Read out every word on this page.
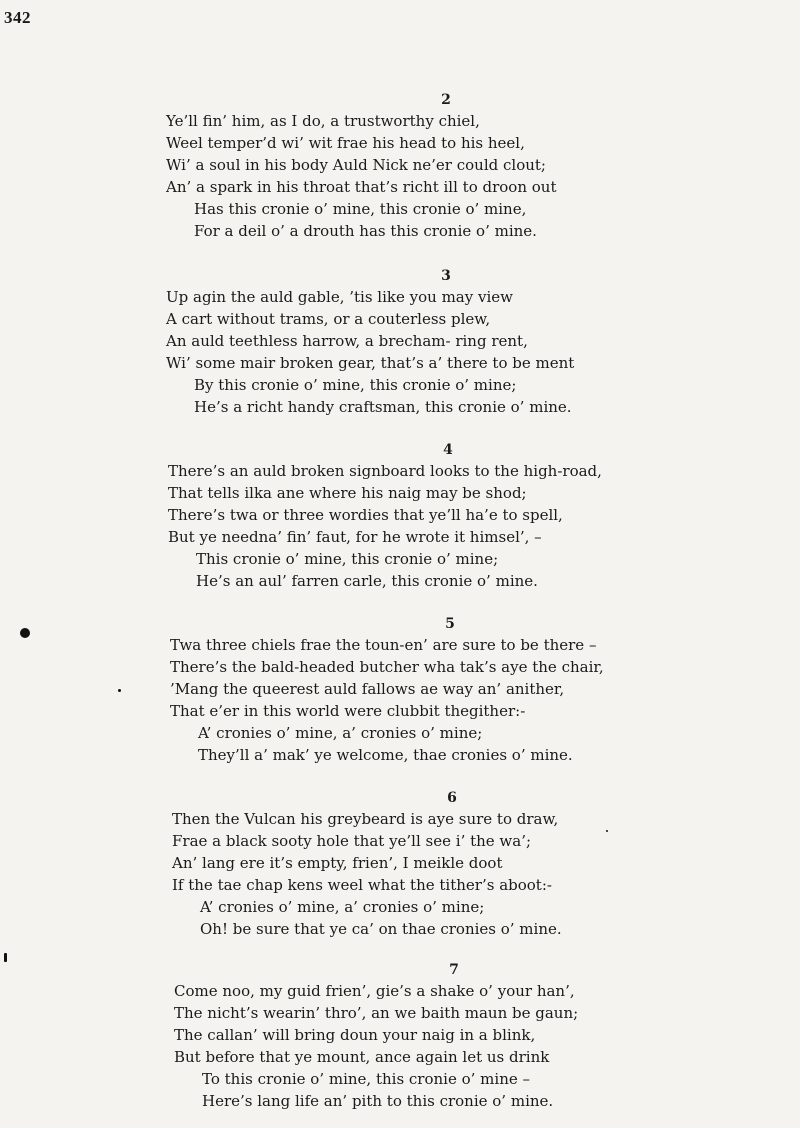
342
2
Ye’ll fin’ him, as I do, a trustworthy chiel,
Weel temper’d wi’ wit frae his head to his heel,
Wi’ a soul in his body Auld Nick ne’er could clout;
An’ a spark in his throat that’s richt ill to droon out
Has this cronie o’ mine, this cronie o’ mine,
For a deil o’ a drouth has this cronie o’ mine.
3
Up agin the auld gable, ’tis like you may view
A cart without trams, or a couterless plew,
An auld teethless harrow, a brecham- ring rent,
Wi’ some mair broken gear, that’s a’ there to be ment
By this cronie o’ mine, this cronie o’ mine;
He’s a richt handy craftsman, this cronie o’ mine.
4
There’s an auld broken signboard looks to the high-road,
That tells ilka ane where his naig may be shod;
There’s twa or three wordies that ye’ll ha’e to spell,
But ye needna’ fin’ faut, for he wrote it himsel’, –
This cronie o’ mine, this cronie o’ mine;
He’s an aul’ farren carle, this cronie o’ mine.
5
Twa three chiels frae the toun-en’ are sure to be there –
There’s the bald-headed butcher wha tak’s aye the chair,
’Mang the queerest auld fallows ae way an’ anither,
That e’er in this world were clubbit thegither:-
A’ cronies o’ mine, a’ cronies o’ mine;
They’ll a’ mak’ ye welcome, thae cronies o’ mine.
6
Then the Vulcan his greybeard is aye sure to draw,
Frae a black sooty hole that ye’ll see i’ the wa’;
An’ lang ere it’s empty, frien’, I meikle doot
If the tae chap kens weel what the tither’s aboot:-
A’ cronies o’ mine, a’ cronies o’ mine;
Oh! be sure that ye ca’ on thae cronies o’ mine.
7
Come noo, my guid frien’, gie’s a shake o’ your han’,
The nicht’s wearin’ thro’, an we baith maun be gaun;
The callan’ will bring doun your naig in a blink,
But before that ye mount, ance again let us drink
To this cronie o’ mine, this cronie o’ mine –
Here’s lang life an’ pith to this cronie o’ mine.
